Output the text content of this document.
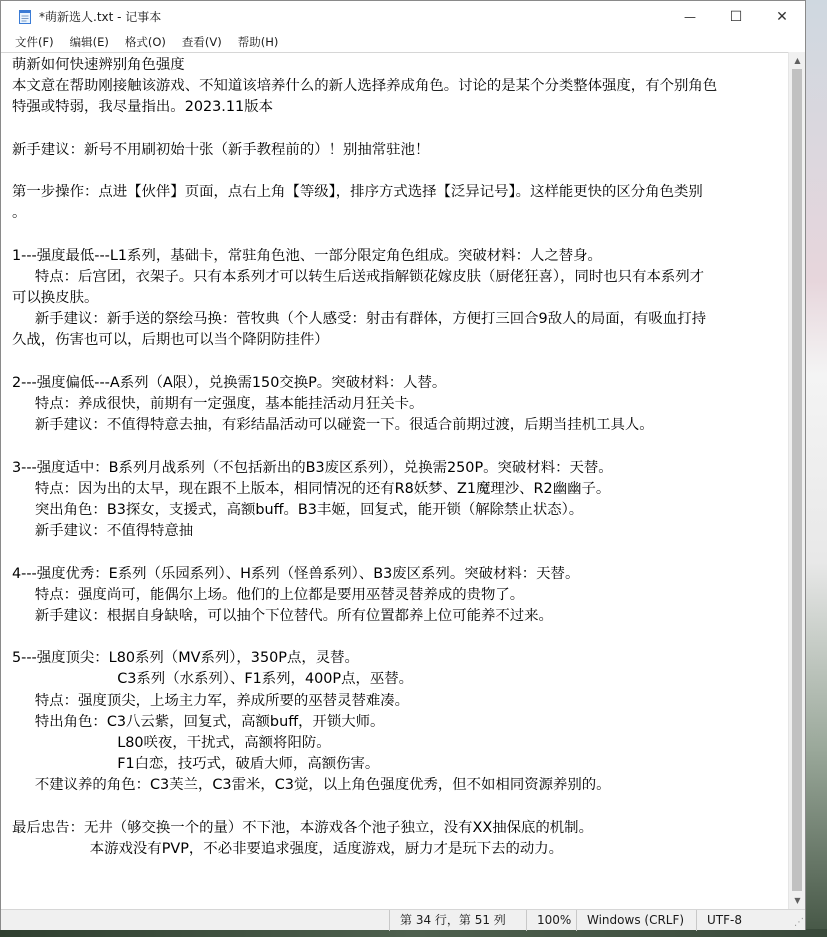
*萌新选人.txt - 记事本	— ☐ ✕
文件(F)	编辑(E)	格式(O)	查看(V)	帮助(H)
萌新如何快速辨别角色强度
本文意在帮助刚接触该游戏、不知道该培养什么的新人选择养成角色。讨论的是某个分类整体强度，有个别角色
特强或特弱，我尽量指出。2023.11版本
新手建议：新号不用刷初始十张（新手教程前的）！别抽常驻池！
第一步操作：点进【伙伴】页面，点右上角【等级】，排序方式选择【泛异记号】。这样能更快的区分角色类别
。
1---强度最低---L1系列，基础卡，常驻角色池、一部分限定角色组成。突破材料：人之替身。
特点：后宫团，衣架子。只有本系列才可以转生后送戒指解锁花嫁皮肤（厨佬狂喜），同时也只有本系列才
可以换皮肤。
新手建议：新手送的祭绘马换：菅牧典（个人感受：射击有群体，方便打三回合9敌人的局面，有吸血打持
久战，伤害也可以，后期也可以当个降阴防挂件）
2---强度偏低---A系列（A限），兑换需150交换P。突破材料：人替。
特点：养成很快，前期有一定强度，基本能挂活动月狂关卡。
新手建议：不值得特意去抽，有彩结晶活动可以碰瓷一下。很适合前期过渡，后期当挂机工具人。
3---强度适中：B系列月战系列（不包括新出的B3废区系列），兑换需250P。突破材料：天替。
特点：因为出的太早，现在跟不上版本，相同情况的还有R8妖梦、Z1魔理沙、R2幽幽子。
突出角色：B3探女，支援式，高额buff。B3丰姬，回复式，能开锁（解除禁止状态）。
新手建议：不值得特意抽
4---强度优秀：E系列（乐园系列）、H系列（怪兽系列）、B3废区系列。突破材料：天替。
特点：强度尚可，能偶尔上场。他们的上位都是要用巫替灵替养成的贵物了。
新手建议：根据自身缺啥，可以抽个下位替代。所有位置都养上位可能养不过来。
5---强度顶尖：L80系列（MV系列），350P点，灵替。
C3系列（水系列）、F1系列，400P点，巫替。
特点：强度顶尖，上场主力军，养成所要的巫替灵替难凑。
特出角色：C3八云紫，回复式，高额buff，开锁大师。
L80咲夜，干扰式，高额将阳防。
F1白恋，技巧式，破盾大师，高额伤害。
不建议养的角色：C3芙兰，C3雷米，C3觉，以上角色强度优秀，但不如相同资源养别的。
最后忠告：无井（够交换一个的量）不下池，本游戏各个池子独立，没有XX抽保底的机制。
本游戏没有PVP，不必非要追求强度，适度游戏，厨力才是玩下去的动力。
▲
▼
第 34 行，第 51 列	100%	Windows (CRLF)	UTF-8	⋰
